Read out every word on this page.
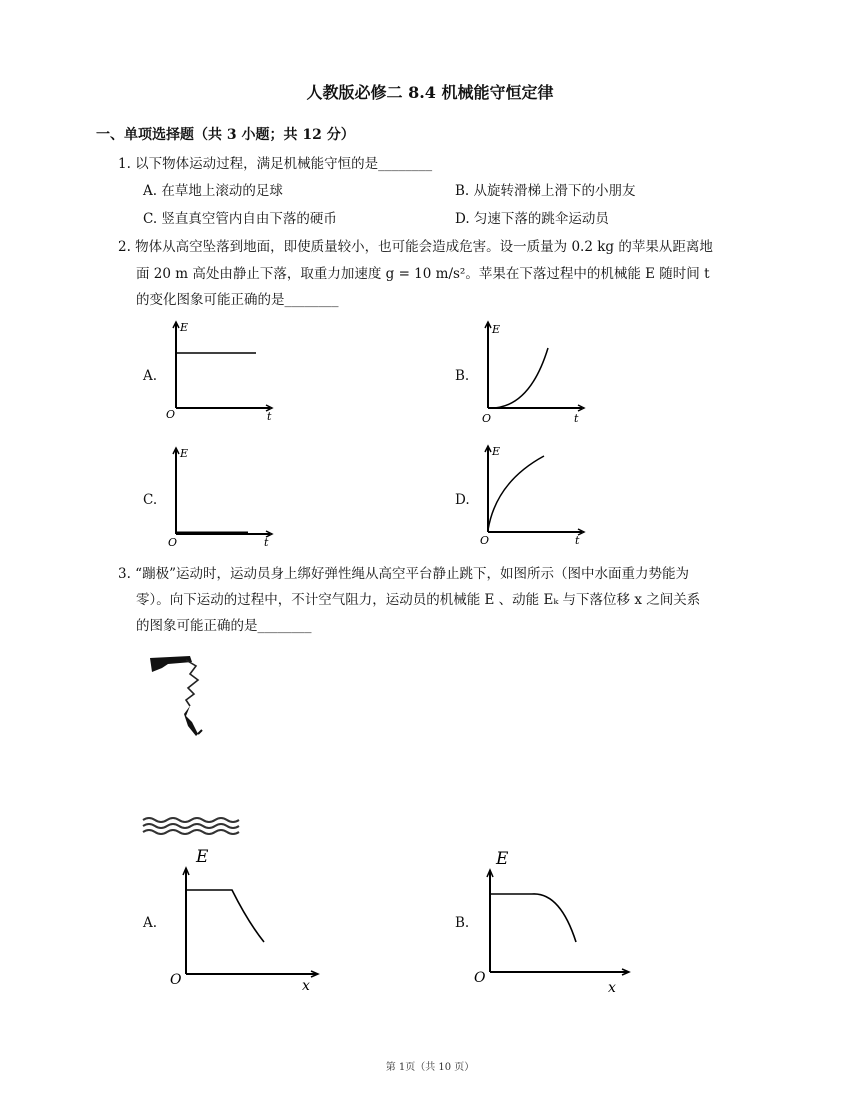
人教版必修二 8.4 机械能守恒定律
一、单项选择题（共 3 小题；共 12 分）
1. 以下物体运动过程，满足机械能守恒的是________
A. 在草地上滚动的足球	B. 从旋转滑梯上滑下的小朋友
C. 竖直真空管内自由下落的硬币	D. 匀速下落的跳伞运动员
2. 物体从高空坠落到地面，即使质量较小，也可能会造成危害。设一质量为 0.2 kg 的苹果从距离地
面 20 m 高处由静止下落，取重力加速度 g = 10 m/s²。苹果在下落过程中的机械能 E 随时间 t
的变化图象可能正确的是________
A.	B.
C.	D.
E
O	t
E
O	t
E
O	t
E
O	t
3. “蹦极”运动时，运动员身上绑好弹性绳从高空平台静止跳下，如图所示（图中水面重力势能为
零）。向下运动的过程中，不计空气阻力，运动员的机械能 E 、动能 Eₖ 与下落位移 x 之间关系
的图象可能正确的是________
A.	B.
E
O	x
E
O
x
第 1页（共 10 页）
